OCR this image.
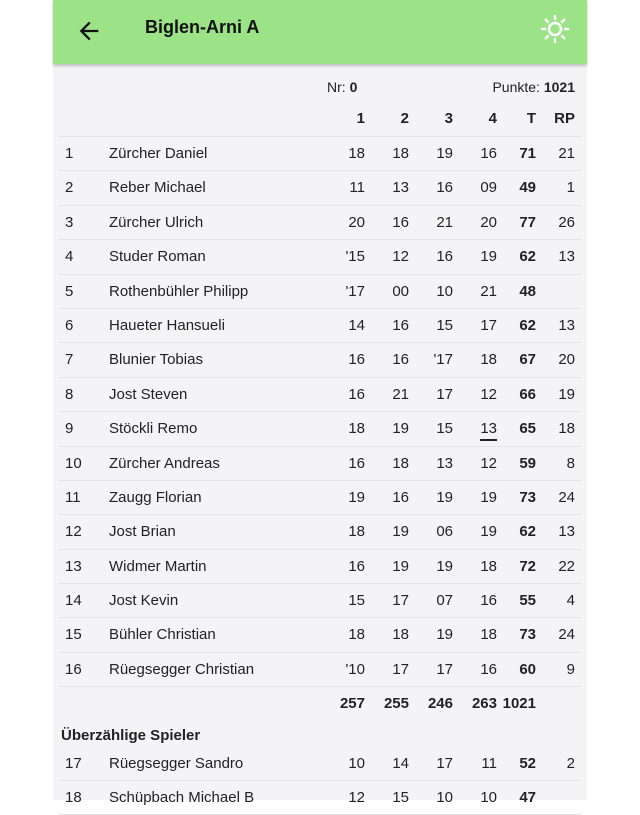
Biglen-Arni A
Nr: 0	Punkte: 1021
1 2 3 4 T RP
1 Zürcher Daniel	18 18 19 16 71 21
2 Reber Michael	11 13 16 09 49 1
3 Zürcher Ulrich	20 16 21 20 77 26
4 Studer Roman	'15 12 16 19 62 13
5 Rothenbühler Philipp	'17 00 10 21 48
6 Haueter Hansueli	14 16 15 17 62 13
7 Blunier Tobias	16 16 '17 18 67 20
8 Jost Steven	16 21 17 12 66 19
9 Stöckli Remo	18 19 15 13 65 18
10 Zürcher Andreas	16 18 13 12 59 8
11 Zaugg Florian	19 16 19 19 73 24
12 Jost Brian	18 19 06 19 62 13
13 Widmer Martin	16 19 19 18 72 22
14 Jost Kevin	15 17 07 16 55 4
15 Bühler Christian	18 18 19 18 73 24
16 Rüegsegger Christian	'10 17 17 16 60 9
257 255 246 263 1021
Überzählige Spieler
17 Rüegsegger Sandro	10 14 17 11 52 2
18 Schüpbach Michael B	12 15 10 10 47
